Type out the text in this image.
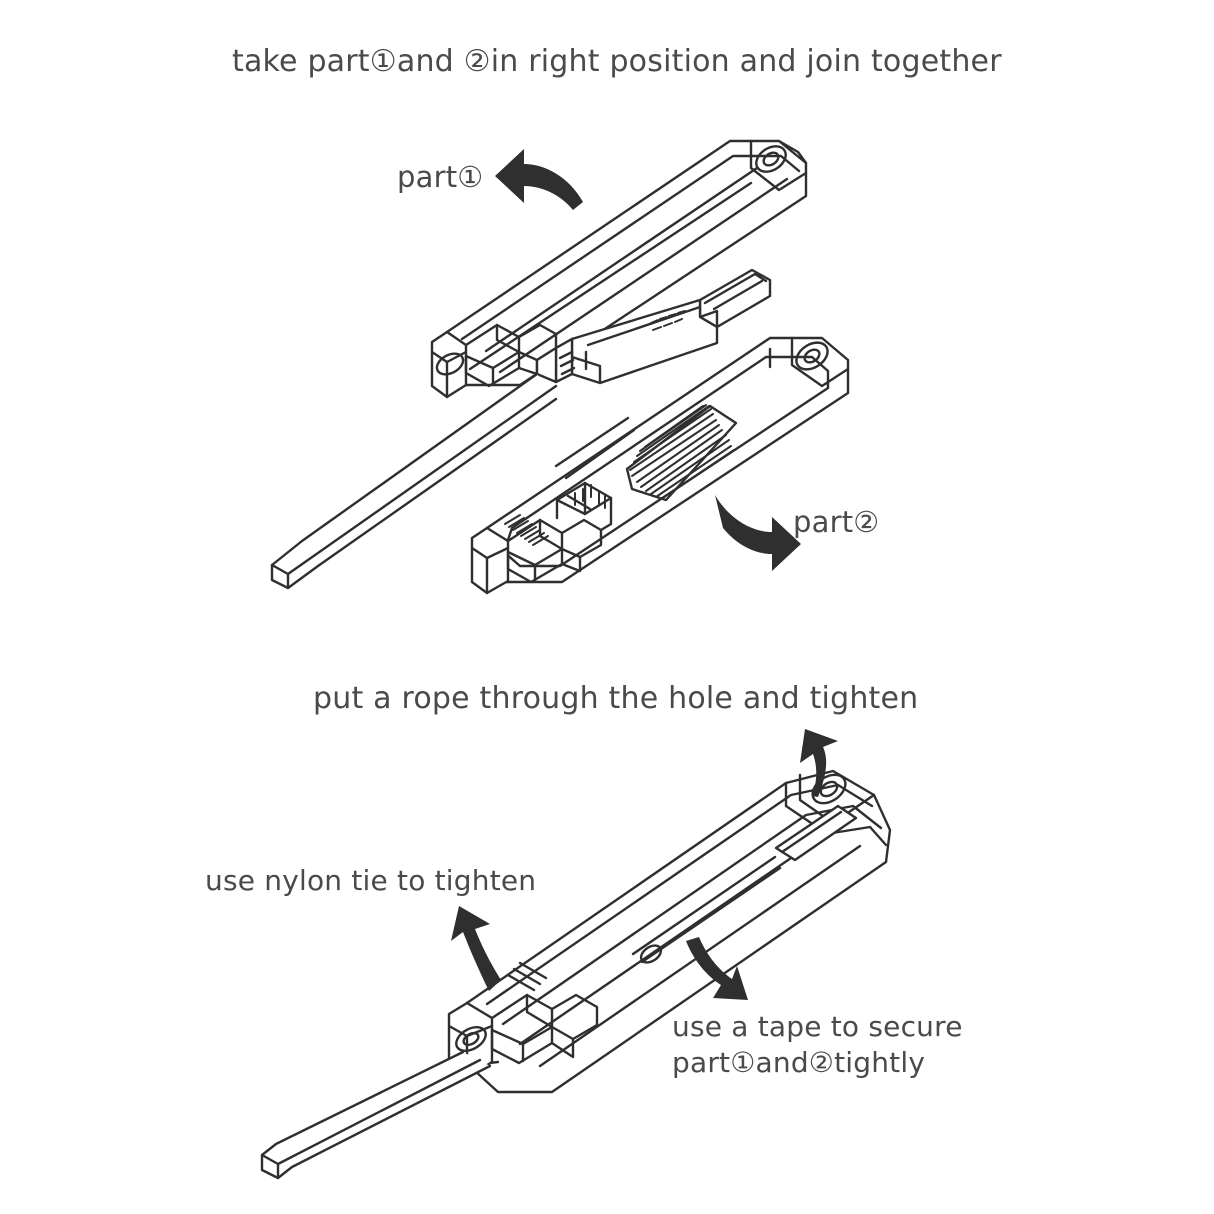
take part①and ②in right position and join together
part①
part②
put a rope through the hole and tighten
use nylon tie to tighten
use a tape to secure
part①and②tightly
